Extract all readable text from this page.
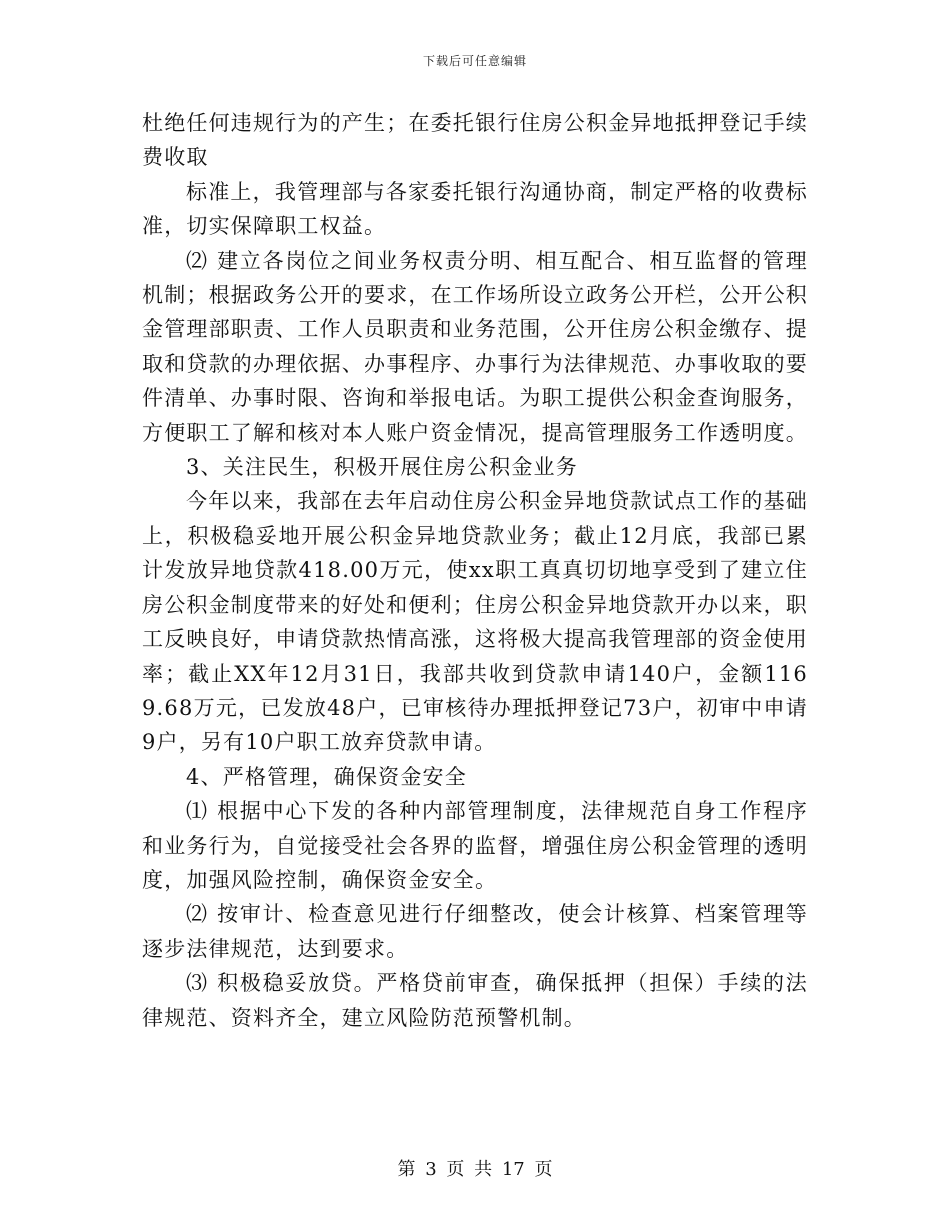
下载后可任意编辑

杜绝任何违规行为的产生；在委托银行住房公积金异地抵押登记手续费收取

标准上，我管理部与各家委托银行沟通协商，制定严格的收费标准，切实保障职工权益。

⑵ 建立各岗位之间业务权责分明、相互配合、相互监督的管理机制；根据政务公开的要求，在工作场所设立政务公开栏，公开公积金管理部职责、工作人员职责和业务范围，公开住房公积金缴存、提取和贷款的办理依据、办事程序、办事行为法律规范、办事收取的要件清单、办事时限、咨询和举报电话。为职工提供公积金查询服务，方便职工了解和核对本人账户资金情况，提高管理服务工作透明度。

3、关注民生，积极开展住房公积金业务

今年以来，我部在去年启动住房公积金异地贷款试点工作的基础上，积极稳妥地开展公积金异地贷款业务；截止12月底，我部已累计发放异地贷款418.00万元，使xx职工真真切切地享受到了建立住房公积金制度带来的好处和便利；住房公积金异地贷款开办以来，职工反映良好，申请贷款热情高涨，这将极大提高我管理部的资金使用率；截止XX年12月31日，我部共收到贷款申请140户，金额1169.68万元，已发放48户，已审核待办理抵押登记73户，初审中申请9户，另有10户职工放弃贷款申请。

4、严格管理，确保资金安全

⑴ 根据中心下发的各种内部管理制度，法律规范自身工作程序和业务行为，自觉接受社会各界的监督，增强住房公积金管理的透明度，加强风险控制，确保资金安全。

⑵ 按审计、检查意见进行仔细整改，使会计核算、档案管理等逐步法律规范，达到要求。

⑶ 积极稳妥放贷。严格贷前审查，确保抵押（担保）手续的法律规范、资料齐全，建立风险防范预警机制。

第 3 页 共 17 页
